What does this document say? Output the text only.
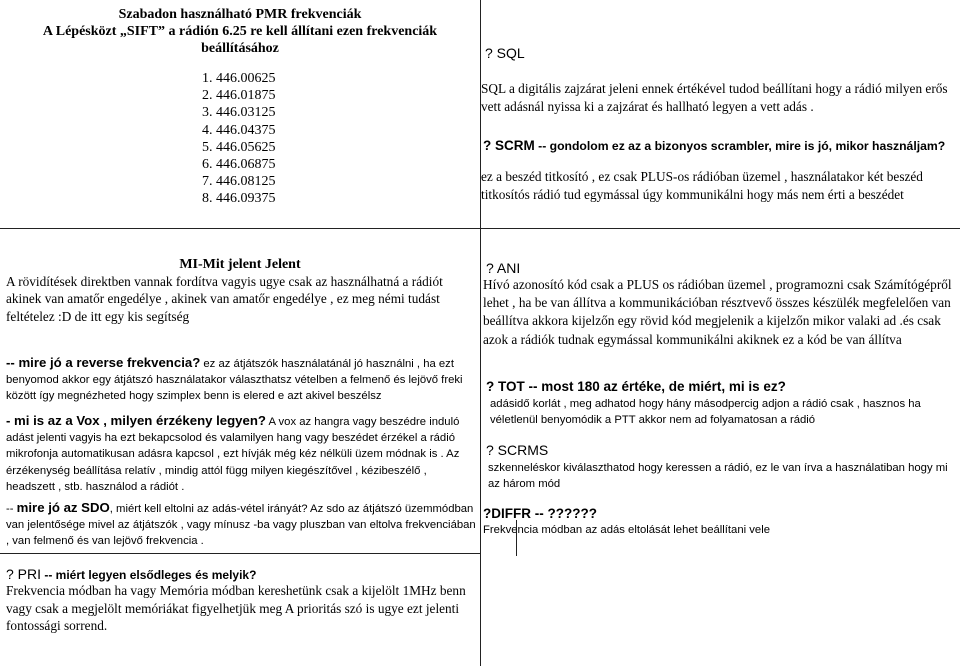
Szabadon használható PMR frekvenciák
A Lépésközt „SIFT” a rádión 6.25 re kell állítani ezen frekvenciák
beállításához
1. 446.00625
2. 446.01875
3. 446.03125
4. 446.04375
5. 446.05625
6. 446.06875
7. 446.08125
8. 446.09375
? SQL
SQL a digitális zajzárat jeleni ennek értékével tudod beállítani hogy a rádió milyen erős vett adásnál nyissa ki a zajzárat és hallható legyen a vett adás .
? SCRM -- gondolom ez az a bizonyos scrambler, mire is jó, mikor használjam?
ez a beszéd titkosító , ez csak PLUS-os rádióban üzemel , használatakor két beszéd titkosítós rádió tud egymással úgy kommunikálni hogy más nem érti a beszédet
MI-Mit jelent Jelent
A rövidítések direktben vannak fordítva vagyis ugye csak az használhatná a rádiót akinek van amatőr engedélye , akinek van amatőr engedélye , ez meg némi tudást feltételez :D de itt egy kis segítség
-- mire jó a reverse frekvencia? ez az átjátszók használatánál jó használni , ha ezt benyomod akkor egy átjátszó használatakor választhatsz vételben a felmenő és lejövő freki között így megnézheted hogy szimplex benn is elered e azt akivel beszélsz
- mi is az a Vox , milyen érzékeny legyen? A vox az hangra vagy beszédre induló adást jelenti vagyis ha ezt bekapcsolod és valamilyen hang vagy beszédet érzékel a rádió mikrofonja automatikusan adásra kapcsol , ezt hívják még kéz nélküli üzem módnak is . Az érzékenység beállítása relatív , mindig attól függ milyen kiegészítővel , kézibeszélő , headszett , stb. használod a rádiót .
-- mire jó az SDO, miért kell eltolni az adás-vétel irányát? Az sdo az átjátszó üzemmódban van jelentősége mivel az átjátszók , vagy mínusz -ba vagy pluszban van eltolva frekvenciában , van felmenő és van lejövő frekvencia .
? ANI
Hívó azonosító kód csak a PLUS os rádióban üzemel , programozni csak Számítógépről lehet , ha be van állítva a kommunikációban résztvevő összes készülék megfelelően van beállítva akkora kijelzőn egy rövid kód megjelenik a kijelzőn mikor valaki ad .és csak azok a rádiók tudnak egymással kommunikálni akiknek ez a kód be van állítva
? TOT -- most 180 az értéke, de miért, mi is ez?
adásidő korlát , meg adhatod hogy hány másodpercig adjon a rádió csak , hasznos ha véletlenül benyomódik a PTT akkor nem ad folyamatosan a rádió
? SCRMS
szkenneléskor kiválaszthatod hogy keressen a rádió, ez le van írva a használatiban hogy mi az három mód
?DIFFR -- ??????
Frekvencia módban az adás eltolását lehet beállítani vele
? PRI -- miért legyen elsődleges és melyik?
Frekvencia módban ha vagy Memória módban kereshetünk csak a kijelölt 1MHz benn vagy csak a megjelölt memóriákat figyelhetjük meg A prioritás szó is ugye ezt jelenti fontossági sorrend.
